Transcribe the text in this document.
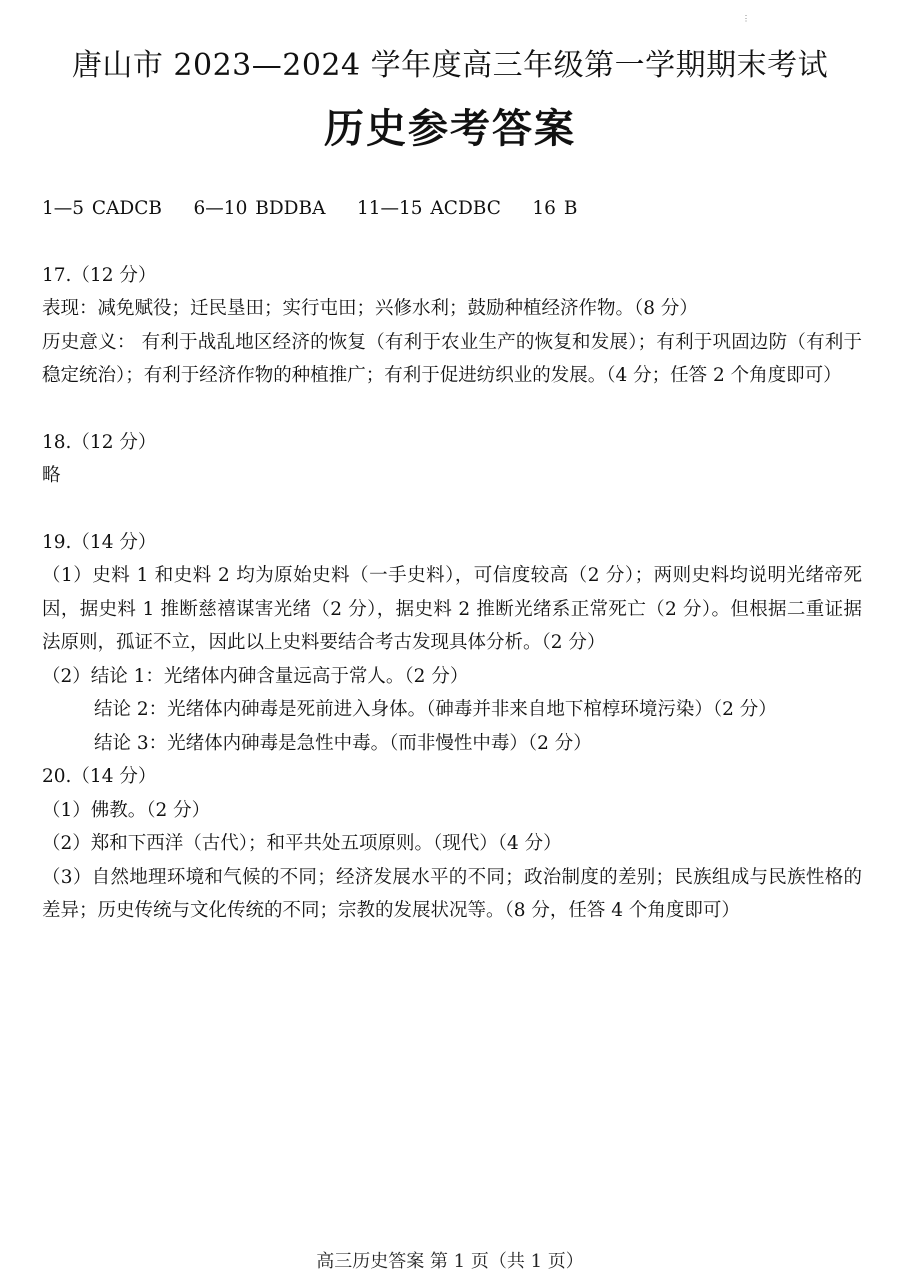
⋮
唐山市 2023—2024 学年度高三年级第一学期期末考试
历史参考答案

1—5 CADCB    6—10 BDDBA    11—15 ACDBC    16 B

17.（12 分）

表现：减免赋役；迁民垦田；实行屯田；兴修水利；鼓励种植经济作物。（8 分）

历史意义： 有利于战乱地区经济的恢复（有利于农业生产的恢复和发展）；有利于巩固边防（有利于稳定统治）；有利于经济作物的种植推广；有利于促进纺织业的发展。（4 分；任答 2 个角度即可）

18.（12 分）

略

19.（14 分）

（1）史料 1 和史料 2 均为原始史料（一手史料），可信度较高（2 分）；两则史料均说明光绪帝死因，据史料 1 推断慈禧谋害光绪（2 分），据史料 2 推断光绪系正常死亡（2 分）。但根据二重证据法原则，孤证不立，因此以上史料要结合考古发现具体分析。（2 分）

（2）结论 1：光绪体内砷含量远高于常人。（2 分）

结论 2：光绪体内砷毒是死前进入身体。（砷毒并非来自地下棺椁环境污染）（2 分）

结论 3：光绪体内砷毒是急性中毒。（而非慢性中毒）（2 分）

20.（14 分）

（1）佛教。（2 分）

（2）郑和下西洋（古代）；和平共处五项原则。（现代）（4 分）

（3）自然地理环境和气候的不同；经济发展水平的不同；政治制度的差别；民族组成与民族性格的差异；历史传统与文化传统的不同；宗教的发展状况等。（8 分，任答 4 个角度即可）

高三历史答案 第 1 页（共 1 页）
